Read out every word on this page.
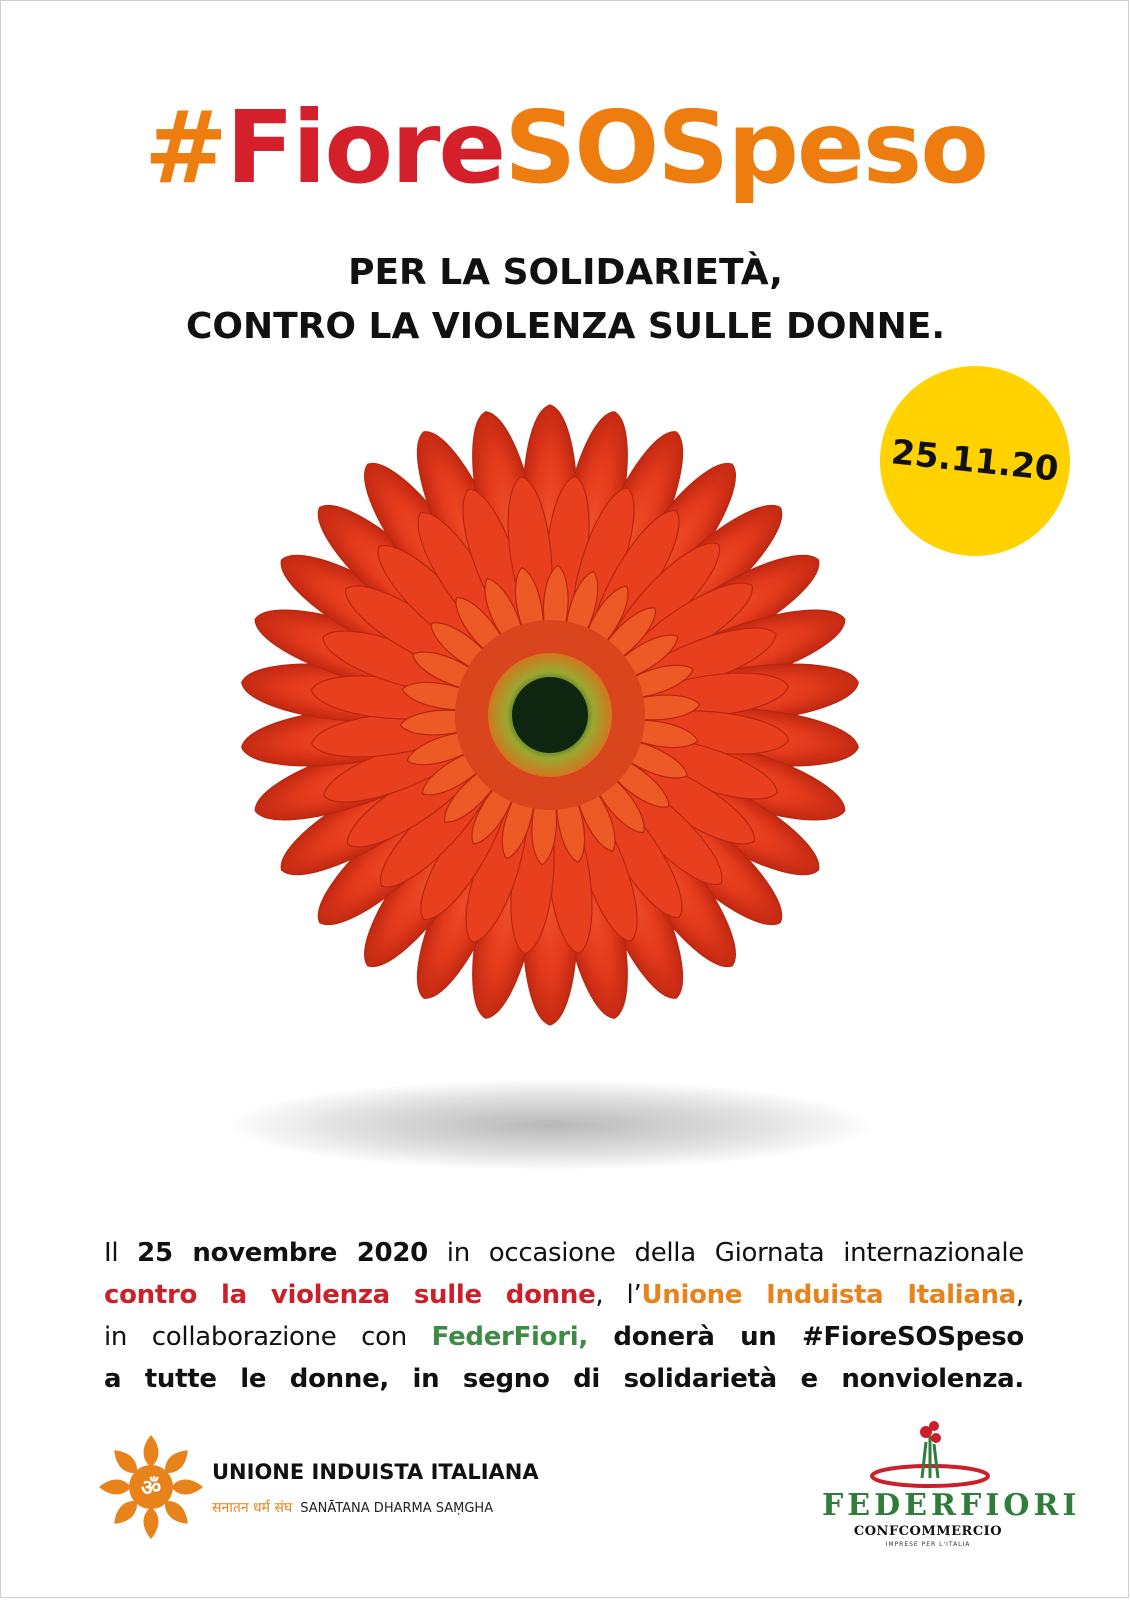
#FioreSOSpeso
PER LA SOLIDARIETÀ,
CONTRO LA VIOLENZA SULLE DONNE.
25.11.20
Il 25 novembre 2020 in occasione della Giornata internazionale
contro la violenza sulle donne, l’Unione Induista Italiana,
in collaborazione con FederFiori, donerà un #FioreSOSpeso
a tutte le donne, in segno di solidarietà e nonviolenza.
ॐ
UNIONE INDUISTA ITALIANA
सनातन धर्म संघ SANĀTANA DHARMA SAṂGHA	FEDERFIORI
CONFCOMMERCIO
IMPRESE PER L'ITALIA
